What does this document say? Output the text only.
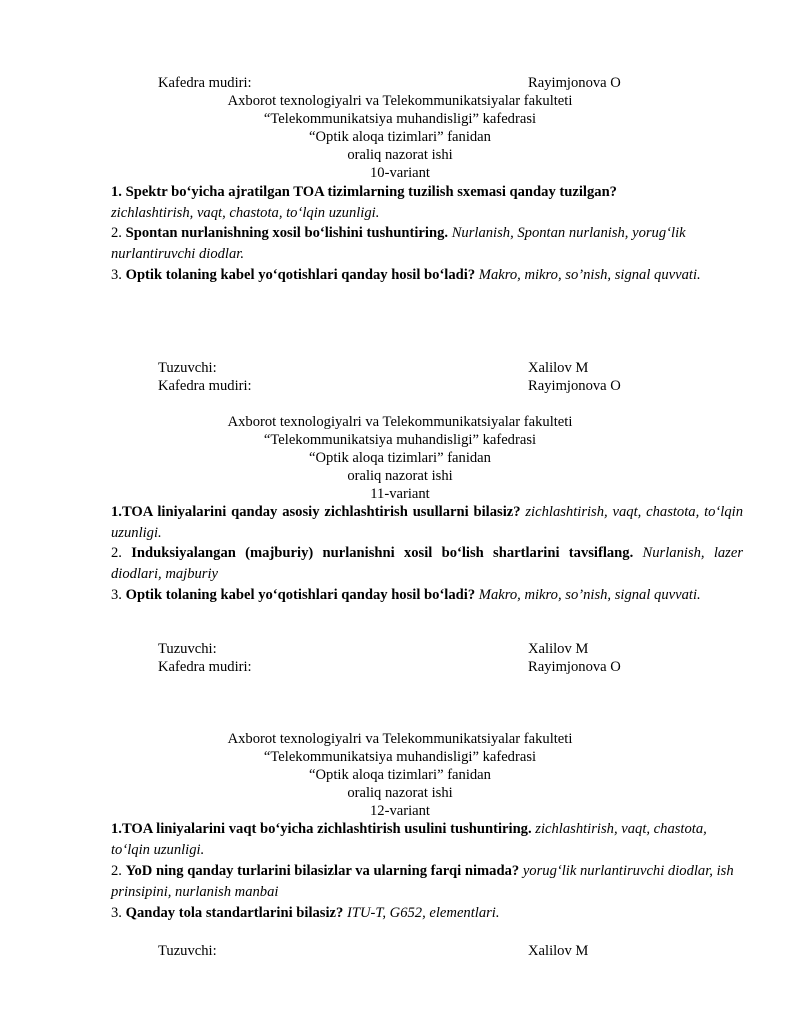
Kafedra mudiri:	Rayimjonova O
Axborot texnologiyalri va Telekommunikatsiyalar fakulteti
“Telekommunikatsiya muhandisligi” kafedrasi
“Optik aloqa tizimlari” fanidan
oraliq nazorat ishi
10-variant
1. Spektr bo‘yicha ajratilgan TOA tizimlarning tuzilish sxemasi qanday tuzilgan?
zichlashtirish, vaqt, chastota, to‘lqin uzunligi.
2. Spontan nurlanishning xosil bo‘lishini tushuntiring. Nurlanish, Spontan nurlanish, yorug‘lik nurlantiruvchi diodlar.
3. Optik tolaning kabel yo‘qotishlari qanday hosil bo‘ladi? Makro, mikro, so’nish, signal quvvati.
Tuzuvchi:	Xalilov M
Kafedra mudiri:	Rayimjonova O
Axborot texnologiyalri va Telekommunikatsiyalar fakulteti
“Telekommunikatsiya muhandisligi” kafedrasi
“Optik aloqa tizimlari” fanidan
oraliq nazorat ishi
11-variant
1.TOA liniyalarini qanday asosiy zichlashtirish usullarni bilasiz? zichlashtirish, vaqt, chastota, to‘lqin uzunligi.
2. Induksiyalangan (majburiy) nurlanishni xosil bo‘lish shartlarini tavsiflang. Nurlanish, lazer diodlari, majburiy
3. Optik tolaning kabel yo‘qotishlari qanday hosil bo‘ladi? Makro, mikro, so’nish, signal quvvati.
Tuzuvchi:	Xalilov M
Kafedra mudiri:	Rayimjonova O
Axborot texnologiyalri va Telekommunikatsiyalar fakulteti
“Telekommunikatsiya muhandisligi” kafedrasi
“Optik aloqa tizimlari” fanidan
oraliq nazorat ishi
12-variant
1.TOA liniyalarini vaqt bo‘yicha zichlashtirish usulini tushuntiring. zichlashtirish, vaqt, chastota, to‘lqin uzunligi.
2. YoD ning qanday turlarini bilasizlar va ularning farqi nimada? yorug‘lik nurlantiruvchi diodlar, ish prinsipini, nurlanish manbai
3. Qanday tola standartlarini bilasiz? ITU-T, G652, elementlari.
Tuzuvchi:	Xalilov M
